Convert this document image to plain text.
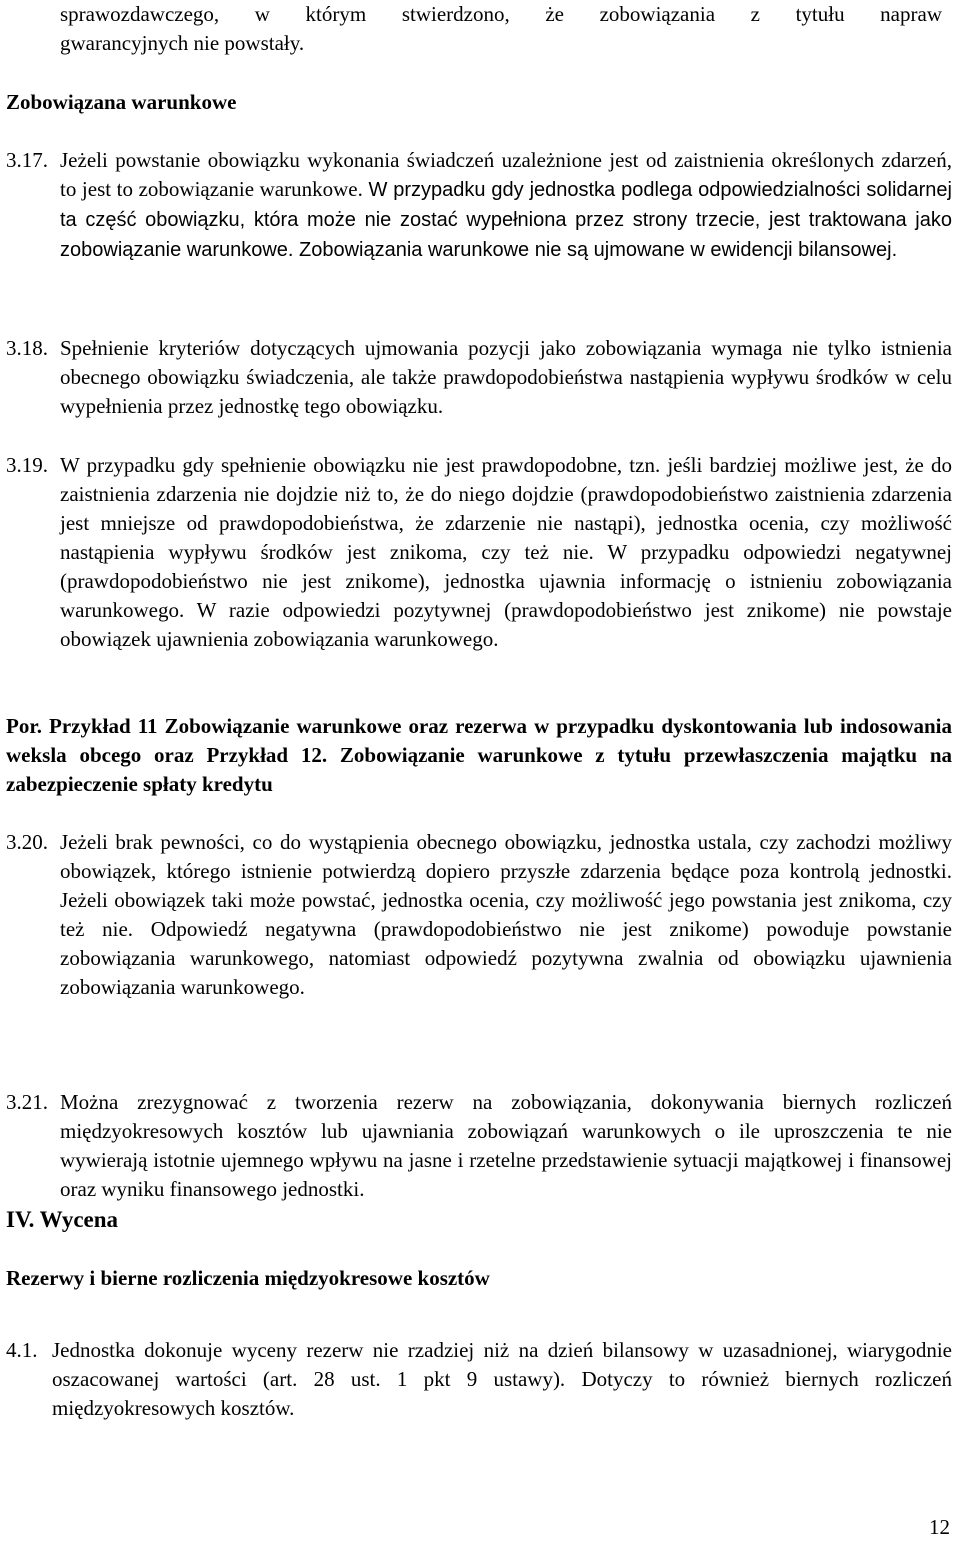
sprawozdawczego, w którym stwierdzono, że zobowiązania z tytułu napraw
gwarancyjnych nie powstały.
Zobowiązana warunkowe
3.17. Jeżeli powstanie obowiązku wykonania świadczeń uzależnione jest od zaistnienia określonych zdarzeń, to jest to zobowiązanie warunkowe. W przypadku gdy jednostka podlega odpowiedzialności solidarnej ta część obowiązku, która może nie zostać wypełniona przez strony trzecie, jest traktowana jako zobowiązanie warunkowe. Zobowiązania warunkowe nie są ujmowane w ewidencji bilansowej.
3.18. Spełnienie kryteriów dotyczących ujmowania pozycji jako zobowiązania wymaga nie tylko istnienia obecnego obowiązku świadczenia, ale także prawdopodobieństwa nastąpienia wypływu środków w celu wypełnienia przez jednostkę tego obowiązku.
3.19. W przypadku gdy spełnienie obowiązku nie jest prawdopodobne, tzn. jeśli bardziej możliwe jest, że do zaistnienia zdarzenia nie dojdzie niż to, że do niego dojdzie (prawdopodobieństwo zaistnienia zdarzenia jest mniejsze od prawdopodobieństwa, że zdarzenie nie nastąpi), jednostka ocenia, czy możliwość nastąpienia wypływu środków jest znikoma, czy też nie. W przypadku odpowiedzi negatywnej (prawdopodobieństwo nie jest znikome), jednostka ujawnia informację o istnieniu zobowiązania warunkowego. W razie odpowiedzi pozytywnej (prawdopodobieństwo jest znikome) nie powstaje obowiązek ujawnienia zobowiązania warunkowego.
Por. Przykład 11 Zobowiązanie warunkowe oraz rezerwa w przypadku dyskontowania lub indosowania weksla obcego oraz Przykład 12. Zobowiązanie warunkowe z tytułu przewłaszczenia majątku na zabezpieczenie spłaty kredytu
3.20. Jeżeli brak pewności, co do wystąpienia obecnego obowiązku, jednostka ustala, czy zachodzi możliwy obowiązek, którego istnienie potwierdzą dopiero przyszłe zdarzenia będące poza kontrolą jednostki. Jeżeli obowiązek taki może powstać, jednostka ocenia, czy możliwość jego powstania jest znikoma, czy też nie. Odpowiedź negatywna (prawdopodobieństwo nie jest znikome) powoduje powstanie zobowiązania warunkowego, natomiast odpowiedź pozytywna zwalnia od obowiązku ujawnienia zobowiązania warunkowego.
3.21. Można zrezygnować z tworzenia rezerw na zobowiązania, dokonywania biernych rozliczeń międzyokresowych kosztów lub ujawniania zobowiązań warunkowych o ile uproszczenia te nie wywierają istotnie ujemnego wpływu na jasne i rzetelne przedstawienie sytuacji majątkowej i finansowej oraz wyniku finansowego jednostki.
IV. Wycena
Rezerwy i bierne rozliczenia międzyokresowe kosztów
4.1. Jednostka dokonuje wyceny rezerw nie rzadziej niż na dzień bilansowy w uzasadnionej, wiarygodnie oszacowanej wartości (art. 28 ust. 1 pkt 9 ustawy). Dotyczy to również biernych rozliczeń międzyokresowych kosztów.
12
